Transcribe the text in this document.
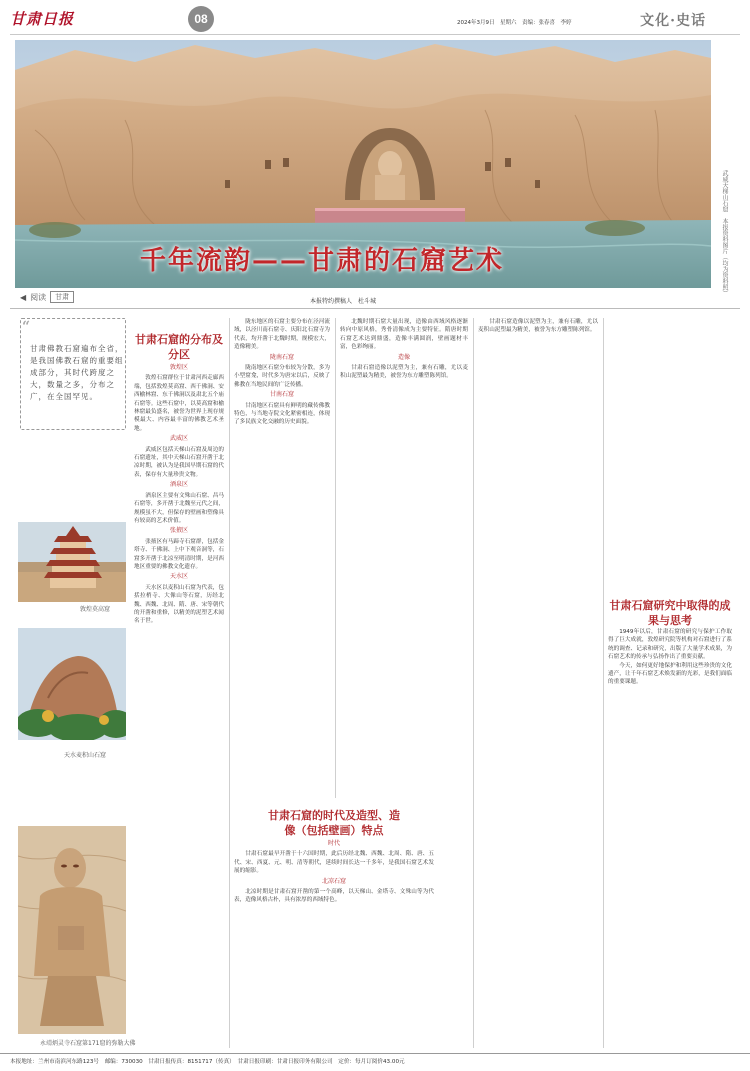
甘肃日报	08	2024年3月9日　星期六　责编：张春喜　李婷	文化·史话
武威天梯山石窟　本报资料图片（均为资料照）
千年流韵——甘肃的石窟艺术
◀ 阅读	甘肃
本报特约撰稿人　杜斗城
“
甘肃佛教石窟遍布全省，是我国佛教石窟的重要组成部分，其时代跨度之大，数量之多，分布之广，在全国罕见。
敦煌莫高窟
天水麦积山石窟
永靖炳灵寺石窟第171窟的弥勒大佛
甘肃石窟的分布及分区
敦煌区

敦煌石窟群位于甘肃河西走廊西端，包括敦煌莫高窟、西千佛洞、安西榆林窟、东千佛洞以及肃北五个庙石窟等。这些石窟中，以莫高窟和榆林窟最负盛名，被誉为世界上现存规模最大、内容最丰富的佛教艺术圣地。

武威区

武威区包括天梯山石窟及周边的石窟遗址，其中天梯山石窟开凿于北凉时期，被认为是我国早期石窟的代表，保存有大量珍贵文物。

酒泉区

酒泉区主要有文殊山石窟、昌马石窟等，多开凿于北魏至元代之间，规模虽不大，但保存的壁画和塑像具有较高的艺术价值。

张掖区

张掖区有马蹄寺石窟群，包括金塔寺、千佛洞、上中下观音洞等，石窟多开凿于北凉至明清时期，是河西地区重要的佛教文化遗存。

天水区

天水区以麦积山石窟为代表，包括拉梢寺、大像山等石窟，历经北魏、西魏、北周、隋、唐、宋等朝代的开凿和重修，以精美的泥塑艺术闻名于世。

陇东地区的石窟主要分布在泾河流域，以泾川南石窟寺、庆阳北石窟寺为代表，均开凿于北魏时期，规模宏大，造像精美。

陇南石窟

陇南地区石窟分布较为分散，多为小型窟龛，时代多为唐宋以后，反映了佛教在当地民间的广泛传播。

甘南石窟

甘南地区石窟具有鲜明的藏传佛教特色，与当地寺院文化紧密相连，体现了多民族文化交融的历史面貌。

甘肃石窟的时代及造型、造像（包括壁画）特点
时代

甘肃石窟最早开凿于十六国时期，此后历经北魏、西魏、北周、隋、唐、五代、宋、西夏、元、明、清等朝代，延续时间长达一千多年，是我国石窟艺术发展的缩影。

北凉石窟

北凉时期是甘肃石窟开凿的第一个高峰，以天梯山、金塔寺、文殊山等为代表，造像风格古朴，具有浓厚的西域特色。

北魏时期石窟大量出现，造像由西域风格逐渐转向中原风格，秀骨清像成为主要特征。隋唐时期石窟艺术达到鼎盛，造像丰满圆润，壁画题材丰富，色彩绚丽。

造像

甘肃石窟造像以泥塑为主，兼有石雕，尤以麦积山泥塑最为精美，被誉为东方雕塑陈列馆。

甘肃石窟造像以泥塑为主，兼有石雕，尤以麦积山泥塑最为精美，被誉为东方雕塑陈列馆。

甘肃石窟研究中取得的成果与思考

1949年以后，甘肃石窟的研究与保护工作取得了巨大成就，敦煌研究院等机构对石窟进行了系统的调查、记录和研究，出版了大量学术成果，为石窟艺术的传承与弘扬作出了重要贡献。

今天，如何更好地保护和利用这些珍贵的文化遗产，让千年石窟艺术焕发新的光彩，是我们面临的重要课题。

本报地址：兰州市南滨河东路123号　邮编：730030　甘肃日报传真：8151717（传真）　甘肃日报印刷：甘肃日报印务有限公司　定价：每月订阅价43.00元
